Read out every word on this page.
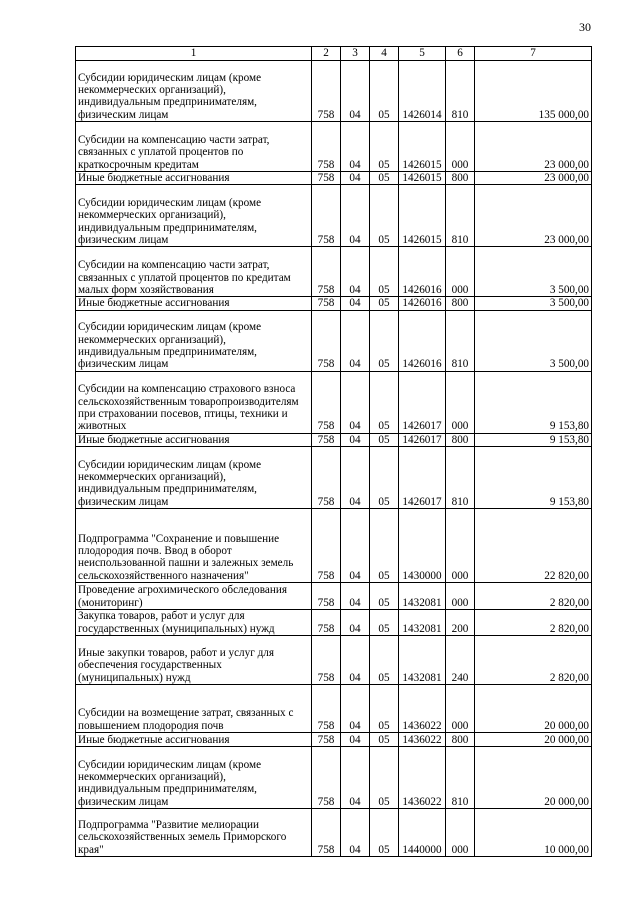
30
1	2	3	4	5	6	7
Субсидии юридическим лицам (кроме некоммерческих организаций), индивидуальным предпринимателям, физическим лицам	758	04	05	1426014	810	135 000,00
Субсидии на компенсацию части затрат, связанных с уплатой процентов по краткосрочным кредитам	758	04	05	1426015	000	23 000,00
Иные бюджетные ассигнования	758	04	05	1426015	800	23 000,00
Субсидии юридическим лицам (кроме некоммерческих организаций), индивидуальным предпринимателям, физическим лицам	758	04	05	1426015	810	23 000,00
Субсидии на компенсацию части затрат, связанных с уплатой процентов по кредитам малых форм хозяйствования	758	04	05	1426016	000	3 500,00
Иные бюджетные ассигнования	758	04	05	1426016	800	3 500,00
Субсидии юридическим лицам (кроме некоммерческих организаций), индивидуальным предпринимателям, физическим лицам	758	04	05	1426016	810	3 500,00
Субсидии на компенсацию страхового взноса сельскохозяйственным товаропроизводителям при страховании посевов, птицы, техники и животных	758	04	05	1426017	000	9 153,80
Иные бюджетные ассигнования	758	04	05	1426017	800	9 153,80
Субсидии юридическим лицам (кроме некоммерческих организаций), индивидуальным предпринимателям, физическим лицам	758	04	05	1426017	810	9 153,80
Подпрограмма "Сохранение и повышение плодородия почв. Ввод в оборот неиспользованной пашни и залежных земель сельскохозяйственного назначения"	758	04	05	1430000	000	22 820,00
Проведение агрохимического обследования (мониторинг)	758	04	05	1432081	000	2 820,00
Закупка товаров, работ и услуг для государственных (муниципальных) нужд	758	04	05	1432081	200	2 820,00
Иные закупки товаров, работ и услуг для обеспечения государственных (муниципальных) нужд	758	04	05	1432081	240	2 820,00
Субсидии на возмещение затрат, связанных с повышением плодородия почв	758	04	05	1436022	000	20 000,00
Иные бюджетные ассигнования	758	04	05	1436022	800	20 000,00
Субсидии юридическим лицам (кроме некоммерческих организаций), индивидуальным предпринимателям, физическим лицам	758	04	05	1436022	810	20 000,00
Подпрограмма "Развитие мелиорации сельскохозяйственных земель Приморского края"	758	04	05	1440000	000	10 000,00
